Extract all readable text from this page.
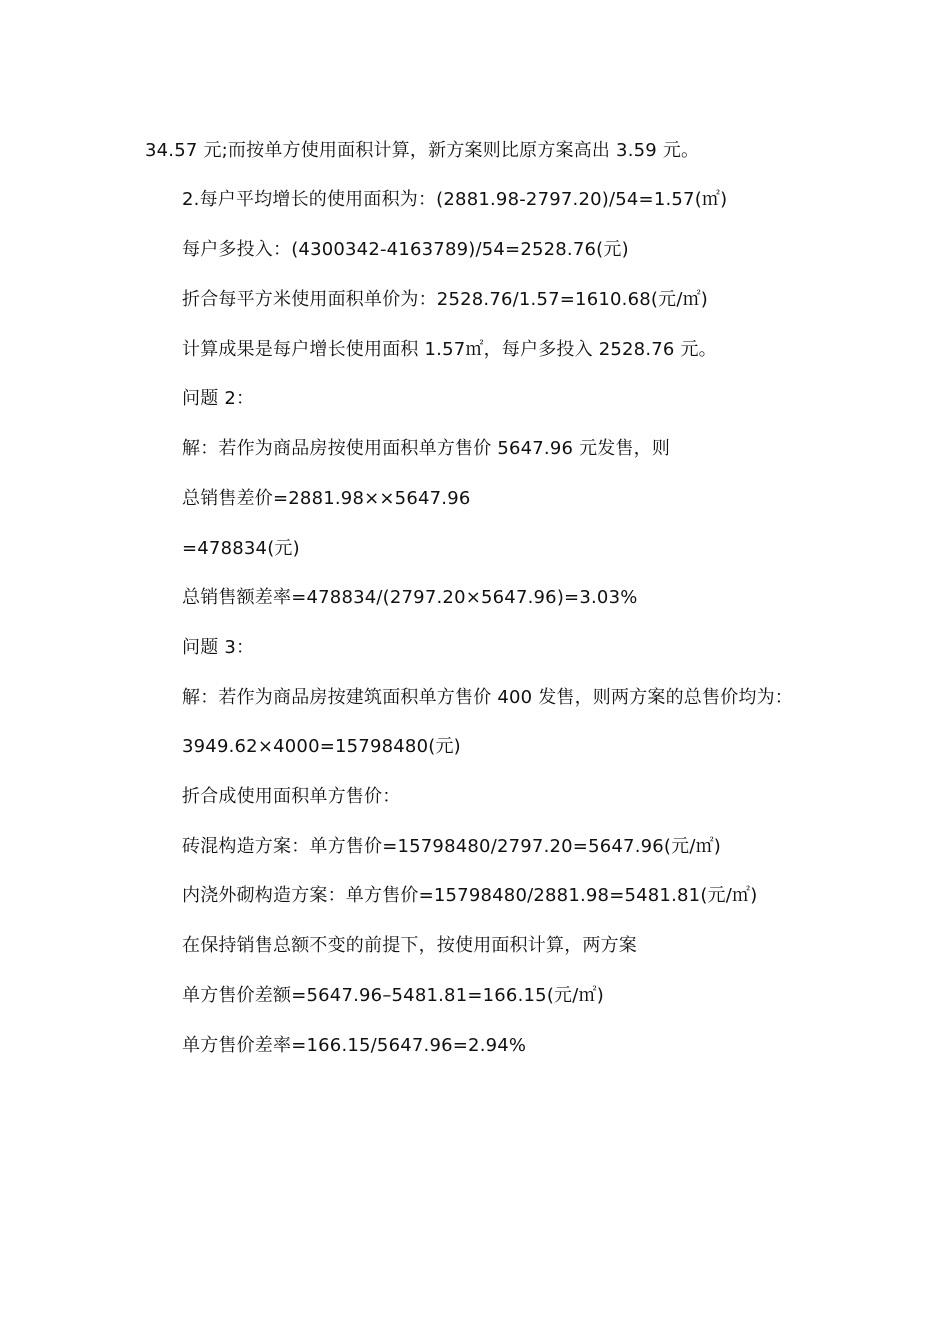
34.57 元;而按单方使用面积计算，新方案则比原方案高出 3.59 元。
2.每户平均增长的使用面积为：(2881.98-2797.20)/54=1.57(㎡)
每户多投入：(4300342-4163789)/54=2528.76(元)
折合每平方米使用面积单价为：2528.76/1.57=1610.68(元/㎡)
计算成果是每户增长使用面积 1.57㎡，每户多投入 2528.76 元。
问题 2：
解：若作为商品房按使用面积单方售价 5647.96 元发售，则
总销售差价=2881.98××5647.96
=478834(元)
总销售额差率=478834/(2797.20×5647.96)=3.03%
问题 3：
解：若作为商品房按建筑面积单方售价 400 发售，则两方案的总售价均为：
3949.62×4000=15798480(元)
折合成使用面积单方售价：
砖混构造方案：单方售价=15798480/2797.20=5647.96(元/㎡)
内浇外砌构造方案：单方售价=15798480/2881.98=5481.81(元/㎡)
在保持销售总额不变的前提下，按使用面积计算，两方案
单方售价差额=5647.96–5481.81=166.15(元/㎡)
单方售价差率=166.15/5647.96=2.94%
